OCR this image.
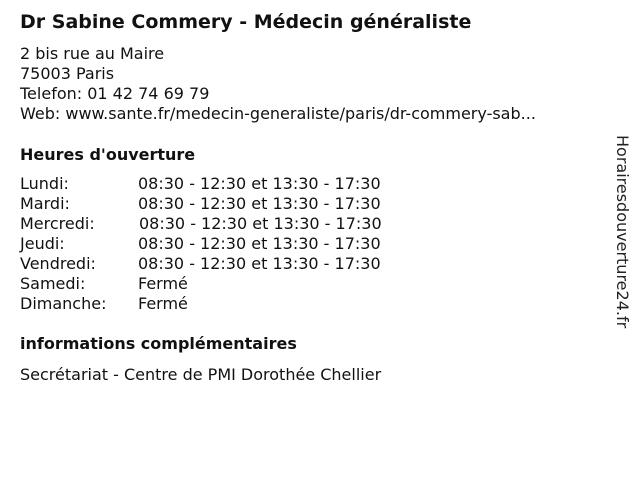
Dr Sabine Commery - Médecin généraliste
2 bis rue au Maire
75003 Paris
Telefon: 01 42 74 69 79
Web: www.sante.fr/medecin-generaliste/paris/dr-commery-sab...
Heures d'ouverture
Lundi:	08:30 - 12:30 et 13:30 - 17:30
Mardi:	08:30 - 12:30 et 13:30 - 17:30
Mercredi:	08:30 - 12:30 et 13:30 - 17:30
Jeudi:	08:30 - 12:30 et 13:30 - 17:30
Vendredi:	08:30 - 12:30 et 13:30 - 17:30
Samedi:	Fermé
Dimanche: Fermé
informations complémentaires
Secrétariat - Centre de PMI Dorothée Chellier
Horairesdouverture24.fr
